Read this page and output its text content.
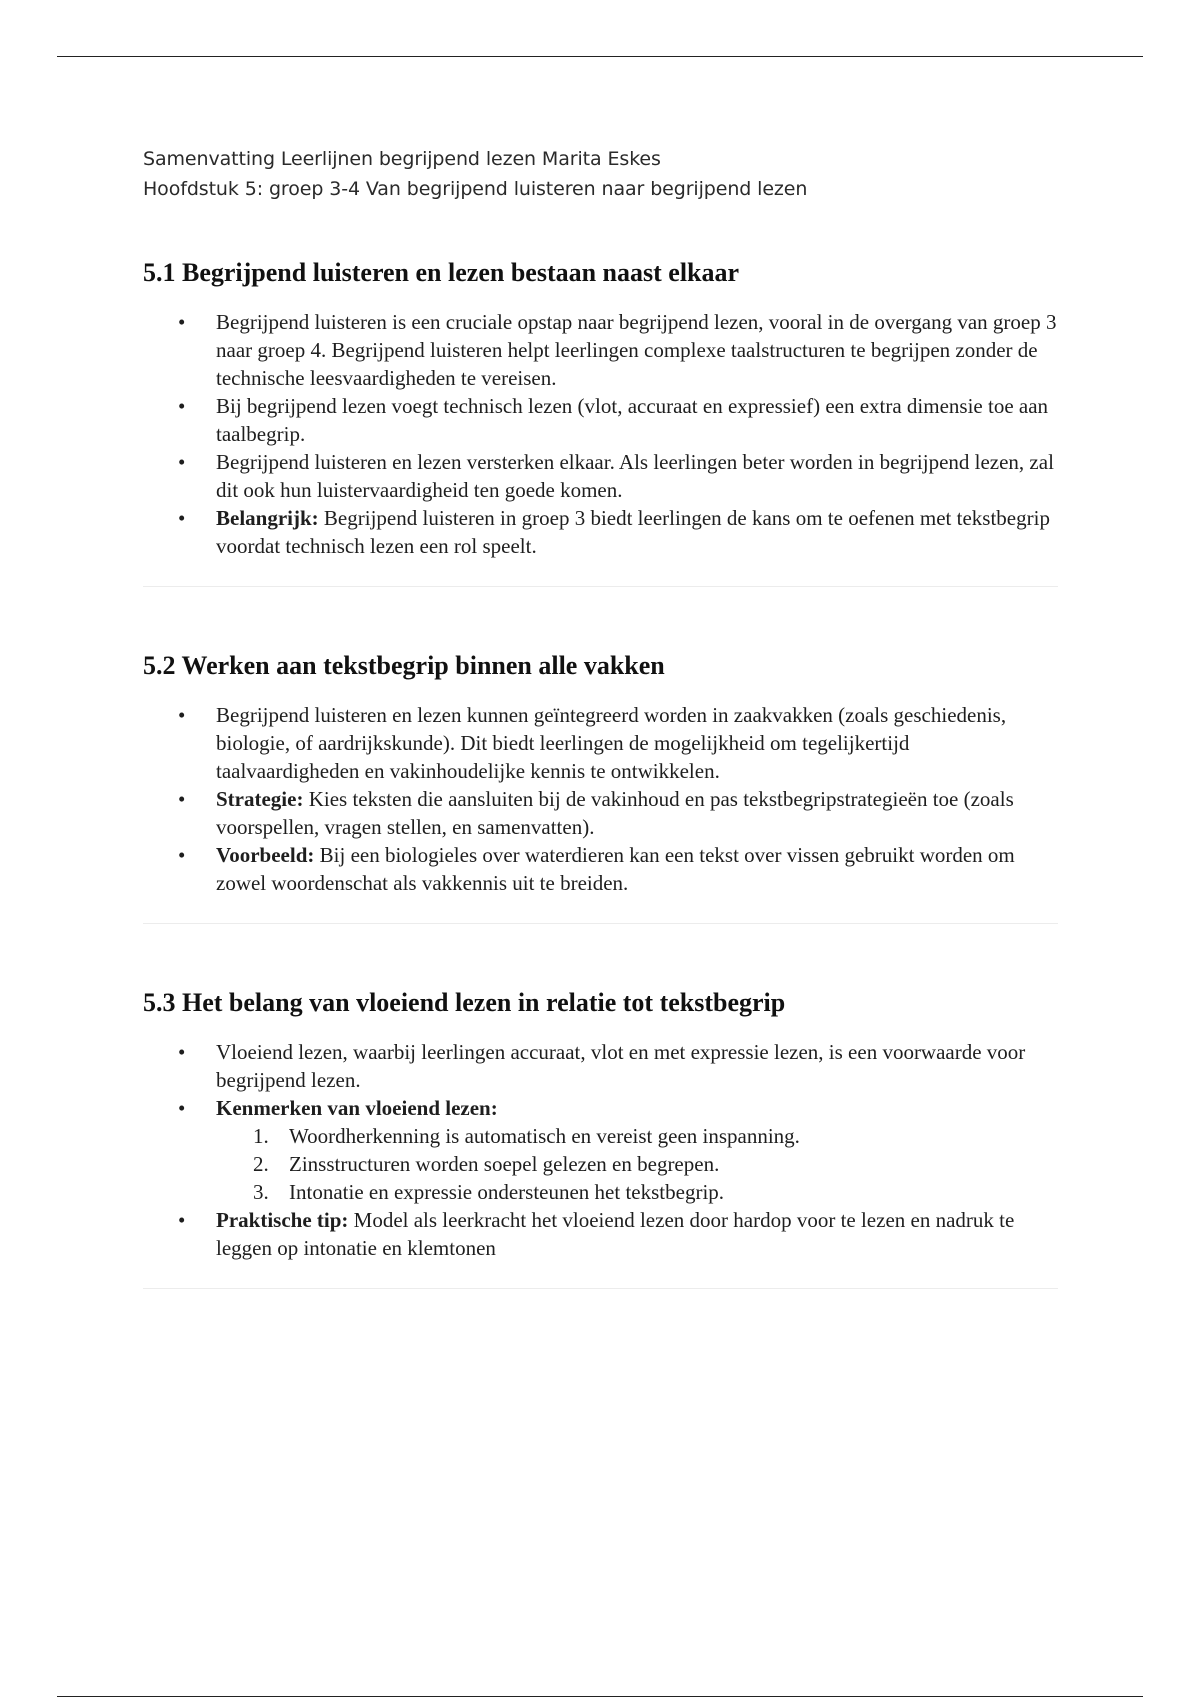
Samenvatting Leerlijnen begrijpend lezen Marita Eskes
Hoofdstuk 5: groep 3-4 Van begrijpend luisteren naar begrijpend lezen
5.1 Begrijpend luisteren en lezen bestaan naast elkaar
• Begrijpend luisteren is een cruciale opstap naar begrijpend lezen, vooral in de overgang van groep 3 naar groep 4. Begrijpend luisteren helpt leerlingen complexe taalstructuren te begrijpen zonder de technische leesvaardigheden te vereisen.
• Bij begrijpend lezen voegt technisch lezen (vlot, accuraat en expressief) een extra dimensie toe aan taalbegrip.
• Begrijpend luisteren en lezen versterken elkaar. Als leerlingen beter worden in begrijpend lezen, zal dit ook hun luistervaardigheid ten goede komen.
• Belangrijk: Begrijpend luisteren in groep 3 biedt leerlingen de kans om te oefenen met tekstbegrip voordat technisch lezen een rol speelt.
5.2 Werken aan tekstbegrip binnen alle vakken
• Begrijpend luisteren en lezen kunnen geïntegreerd worden in zaakvakken (zoals geschiedenis, biologie, of aardrijkskunde). Dit biedt leerlingen de mogelijkheid om tegelijkertijd taalvaardigheden en vakinhoudelijke kennis te ontwikkelen.
• Strategie: Kies teksten die aansluiten bij de vakinhoud en pas tekstbegripstrategieën toe (zoals voorspellen, vragen stellen, en samenvatten).
• Voorbeeld: Bij een biologieles over waterdieren kan een tekst over vissen gebruikt worden om zowel woordenschat als vakkennis uit te breiden.
5.3 Het belang van vloeiend lezen in relatie tot tekstbegrip
• Vloeiend lezen, waarbij leerlingen accuraat, vlot en met expressie lezen, is een voorwaarde voor begrijpend lezen.
• Kenmerken van vloeiend lezen:
1. Woordherkenning is automatisch en vereist geen inspanning.
2. Zinsstructuren worden soepel gelezen en begrepen.
3. Intonatie en expressie ondersteunen het tekstbegrip.
• Praktische tip: Model als leerkracht het vloeiend lezen door hardop voor te lezen en nadruk te leggen op intonatie en klemtonen
